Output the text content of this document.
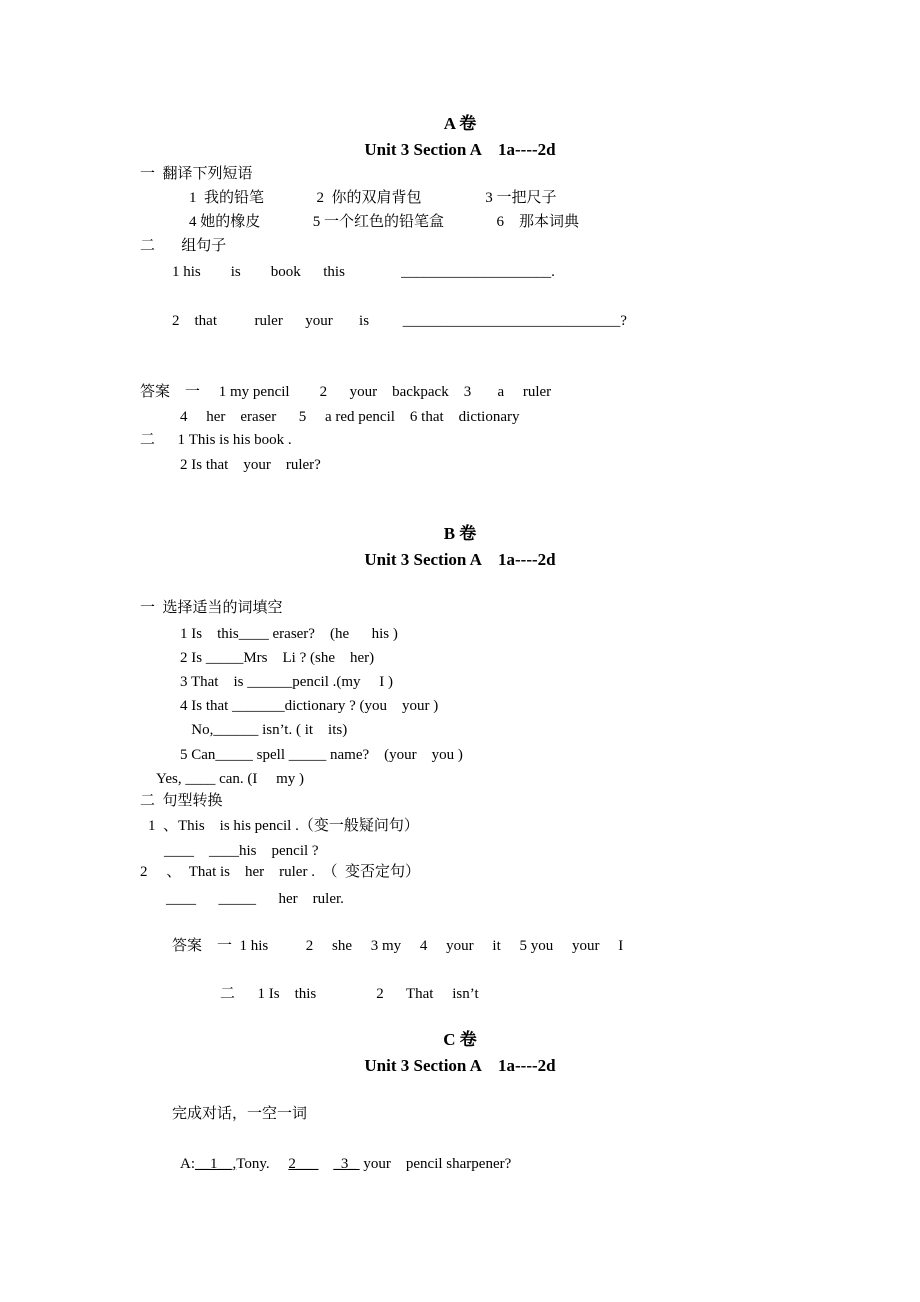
A 卷
Unit 3 Section A　1a----2d
一  翻译下列短语
1  我的铅笔              2  你的双肩背包                 3 一把尺子
4 她的橡皮              5 一个红色的铅笔盒              6    那本词典
二       组句子
1 his        is        book      this               ____________________.
2    that          ruler      your       is         _____________________________?
答案    一     1 my pencil        2      your    backpack    3       a     ruler
4     her    eraser      5     a red pencil    6 that    dictionary
二      1 This is his book .
2 Is that    your    ruler?
B 卷
Unit 3 Section A　1a----2d
一  选择适当的词填空
1 Is    this____ eraser?    (he      his )
2 Is _____Mrs    Li ? (she    her)
3 That    is ______pencil .(my     I )
4 Is that _______dictionary ? (you    your )
No,______ isn’t. ( it    its)
5 Can_____ spell _____ name?    (your    you )
Yes, ____ can. (I     my )
二  句型转换
1  、This    is his pencil .（变一般疑问句）
____    ____his    pencil ?
2     、  That is    her    ruler .  （  变否定句）
____      _____      her    ruler.
答案    一  1 his          2     she     3 my     4     your     it     5 you     your     I
二      1 Is    this                2      That     isn’t
C 卷
Unit 3 Section A　1a----2d
完成对话，一空一词
A:__1__,Tony.     2___ _3_  your    pencil sharpener?
